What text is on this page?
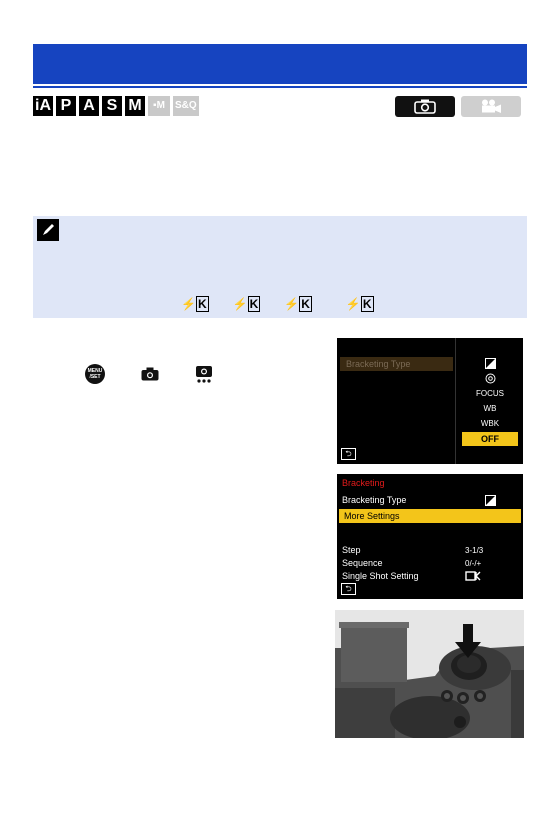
iA P A S M	▪M	S&Q
⚡ K ⚡ K ⚡ K	⚡ K
MENU
/SET
Bracketing Type
FOCUS
WB
WBK
OFF
⮌
Bracketing
Bracketing Type
More Settings
Step	3-1/3
Sequence	0/-/+
Single Shot Setting
⮌
